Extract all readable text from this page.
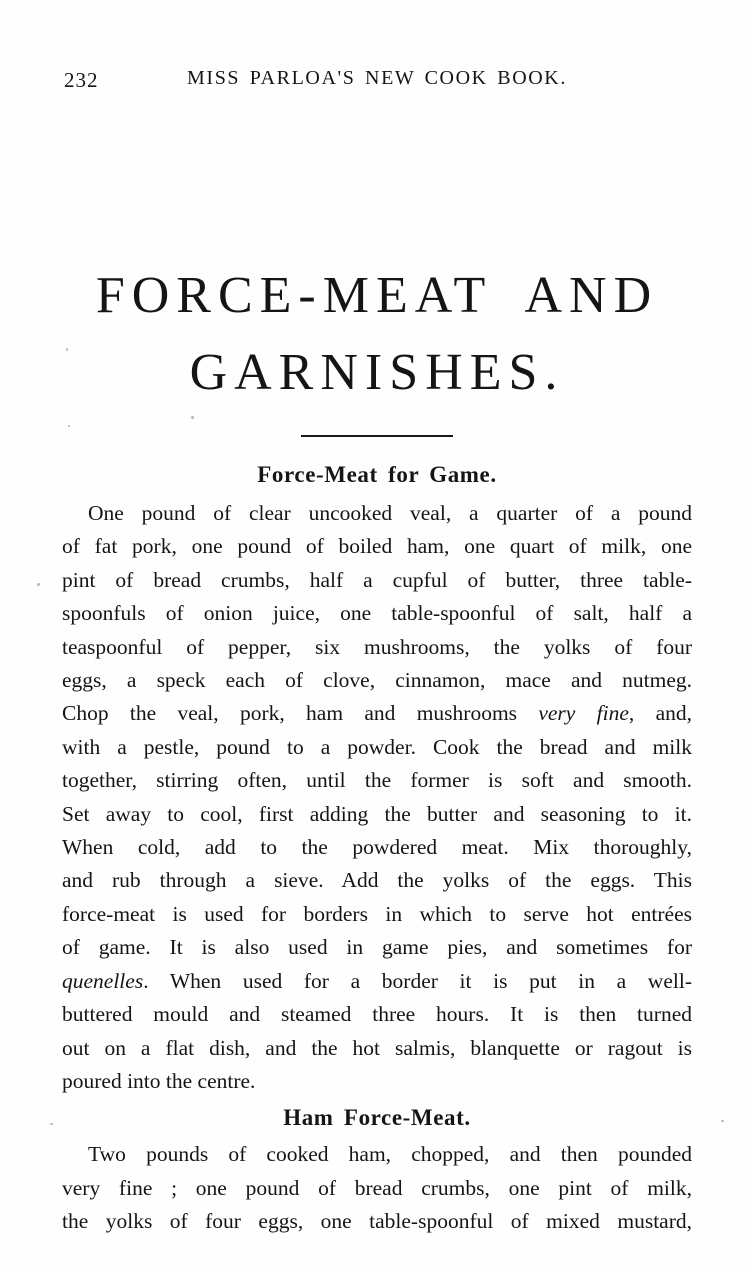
232	MISS PARLOA'S NEW COOK BOOK.
FORCE-MEAT AND
GARNISHES.
Force-Meat for Game.
One pound of clear uncooked veal, a quarter of a pound
of fat pork, one pound of boiled ham, one quart of milk, one
pint of bread crumbs, half a cupful of butter, three table-
spoonfuls of onion juice, one table-spoonful of salt, half a
teaspoonful of pepper, six mushrooms, the yolks of four
eggs, a speck each of clove, cinnamon, mace and nutmeg.
Chop the veal, pork, ham and mushrooms very fine, and,
with a pestle, pound to a powder. Cook the bread and milk
together, stirring often, until the former is soft and smooth.
Set away to cool, first adding the butter and seasoning to it.
When cold, add to the powdered meat. Mix thoroughly,
and rub through a sieve. Add the yolks of the eggs. This
force-meat is used for borders in which to serve hot entrées
of game. It is also used in game pies, and sometimes for
quenelles. When used for a border it is put in a well-
buttered mould and steamed three hours. It is then turned
out on a flat dish, and the hot salmis, blanquette or ragout is
poured into the centre.
Ham Force-Meat.
Two pounds of cooked ham, chopped, and then pounded
very fine ; one pound of bread crumbs, one pint of milk,
the yolks of four eggs, one table-spoonful of mixed mustard,
